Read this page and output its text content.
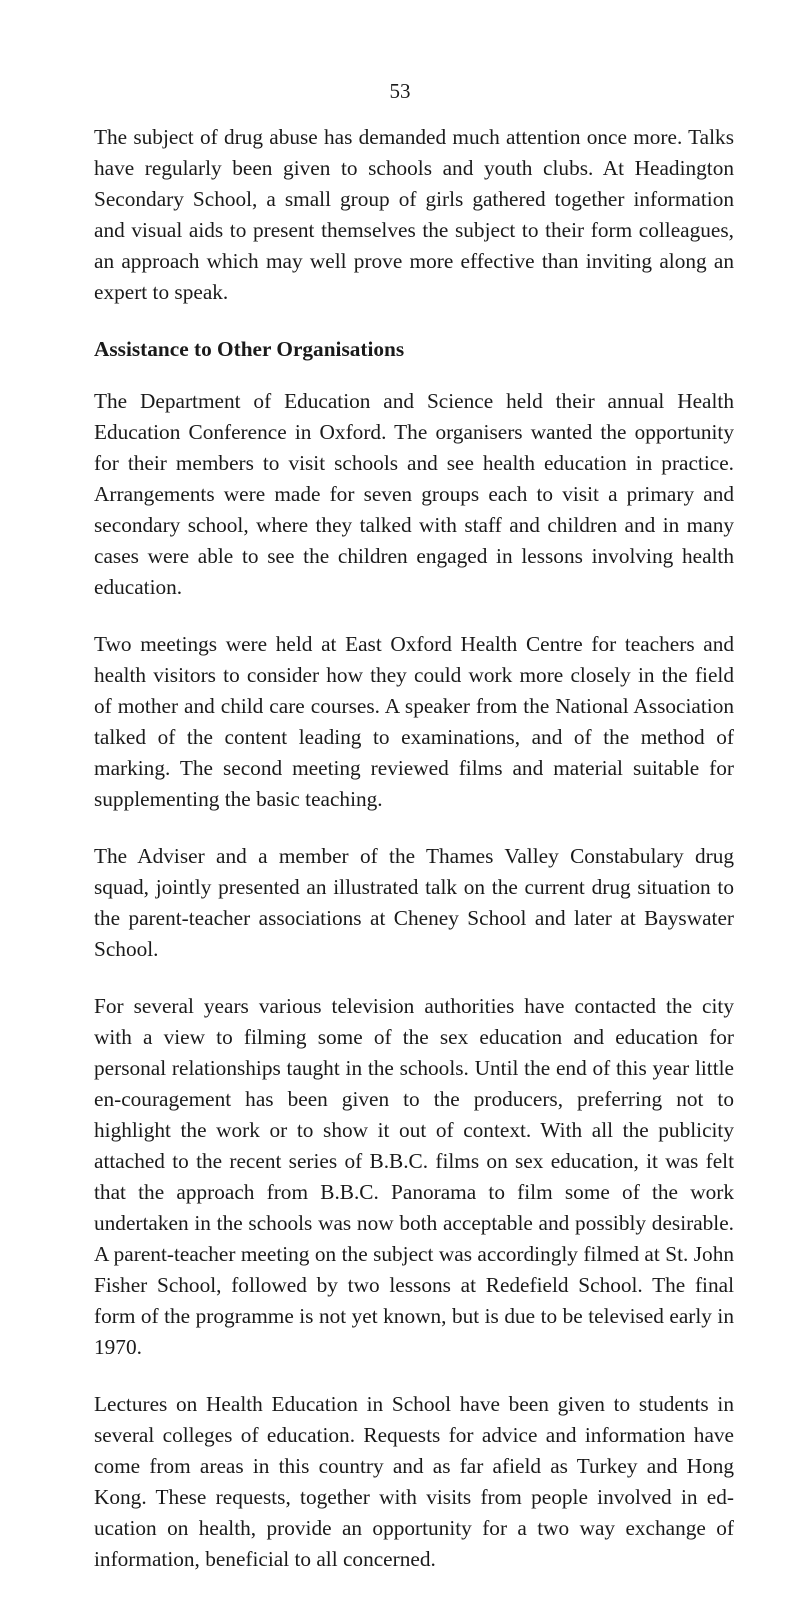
53

The subject of drug abuse has demanded much attention once more. Talks have regularly been given to schools and youth clubs. At Headington Secondary School, a small group of girls gathered together information and visual aids to present themselves the subject to their form colleagues, an approach which may well prove more effective than inviting along an expert to speak.

Assistance to Other Organisations

The Department of Education and Science held their annual Health Education Conference in Oxford. The organisers wanted the opportunity for their members to visit schools and see health education in practice. Arrangements were made for seven groups each to visit a primary and secondary school, where they talked with staff and children and in many cases were able to see the children engaged in lessons involving health education.

Two meetings were held at East Oxford Health Centre for teachers and health visitors to consider how they could work more closely in the field of mother and child care courses. A speaker from the National Association talked of the content leading to examinations, and of the method of marking. The second meeting reviewed films and material suitable for supplementing the basic teaching.

The Adviser and a member of the Thames Valley Constabulary drug squad, jointly presented an illustrated talk on the current drug situation to the parent-teacher associations at Cheney School and later at Bayswater School.

For several years various television authorities have contacted the city with a view to filming some of the sex education and education for personal relationships taught in the schools. Until the end of this year little en-couragement has been given to the producers, preferring not to highlight the work or to show it out of context. With all the publicity attached to the recent series of B.B.C. films on sex education, it was felt that the approach from B.B.C. Panorama to film some of the work undertaken in the schools was now both acceptable and possibly desirable. A parent-teacher meeting on the subject was accordingly filmed at St. John Fisher School, followed by two lessons at Redefield School. The final form of the programme is not yet known, but is due to be televised early in 1970.

Lectures on Health Education in School have been given to students in several colleges of education. Requests for advice and information have come from areas in this country and as far afield as Turkey and Hong Kong. These requests, together with visits from people involved in ed-ucation on health, provide an opportunity for a two way exchange of information, beneficial to all concerned.
